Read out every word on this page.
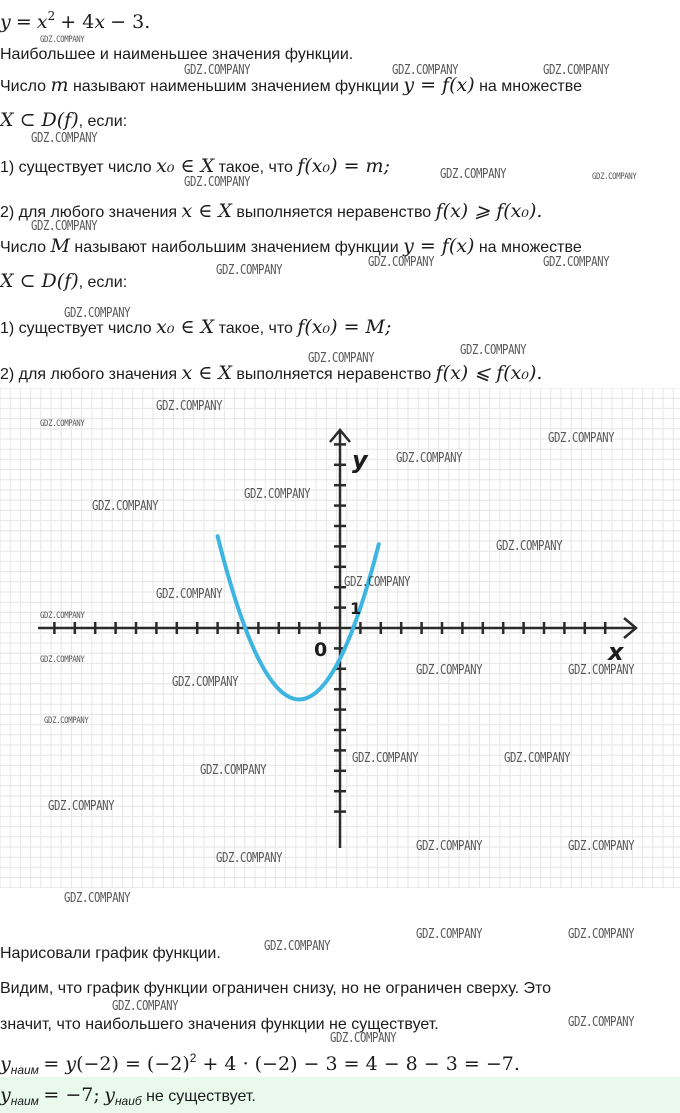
$y = x^2 + 4x - 3$.
Наибольшее и наименьшее значения функции.
Число m называют наименьшим значением функции y = f(x) на множестве
X ⊂ D(f), если:
1) существует число x₀ ∈ X такое, что f(x₀) = m;
2) для любого значения x ∈ X выполняется неравенство f(x) ⩾ f(x₀).
Число M называют наибольшим значением функции y = f(x) на множестве
X ⊂ D(f), если:
1) существует число x₀ ∈ X такое, что f(x₀) = M;
2) для любого значения x ∈ X выполняется неравенство f(x) ⩽ f(x₀).
x
y
0
1
Нарисовали график функции.
Видим, что график функции ограничен снизу, но не ограничен сверху. Это
значит, что наибольшего значения функции не существует.
$y_{наим} = y(-2) = (-2)^2 + 4 \cdot (-2) - 3 = 4 - 8 - 3 = -7$.
$y_{наим} = -7$; $y_{наиб}$ не существует.
GDZ.COMPANY
GDZ.COMPANY	GDZ.COMPANY	GDZ.COMPANY
GDZ.COMPANY
GDZ.COMPANY
GDZ.COMPANY	GDZ.COMPANY
GDZ.COMPANY
GDZ.COMPANY
GDZ.COMPANY	GDZ.COMPANY
GDZ.COMPANY
GDZ.COMPANY
GDZ.COMPANY
GDZ.COMPANY
GDZ.COMPANY
GDZ.COMPANY
GDZ.COMPANY
GDZ.COMPANY
GDZ.COMPANY
GDZ.COMPANY
GDZ.COMPANY
GDZ.COMPANY
GDZ.COMPANY
GDZ.COMPANY
GDZ.COMPANY	GDZ.COMPANY
GDZ.COMPANY
GDZ.COMPANY
GDZ.COMPANY	GDZ.COMPANY
GDZ.COMPANY
GDZ.COMPANY
GDZ.COMPANY	GDZ.COMPANY
GDZ.COMPANY
GDZ.COMPANY
GDZ.COMPANY	GDZ.COMPANY
GDZ.COMPANY
GDZ.COMPANY
GDZ.COMPANY
GDZ.COMPANY
